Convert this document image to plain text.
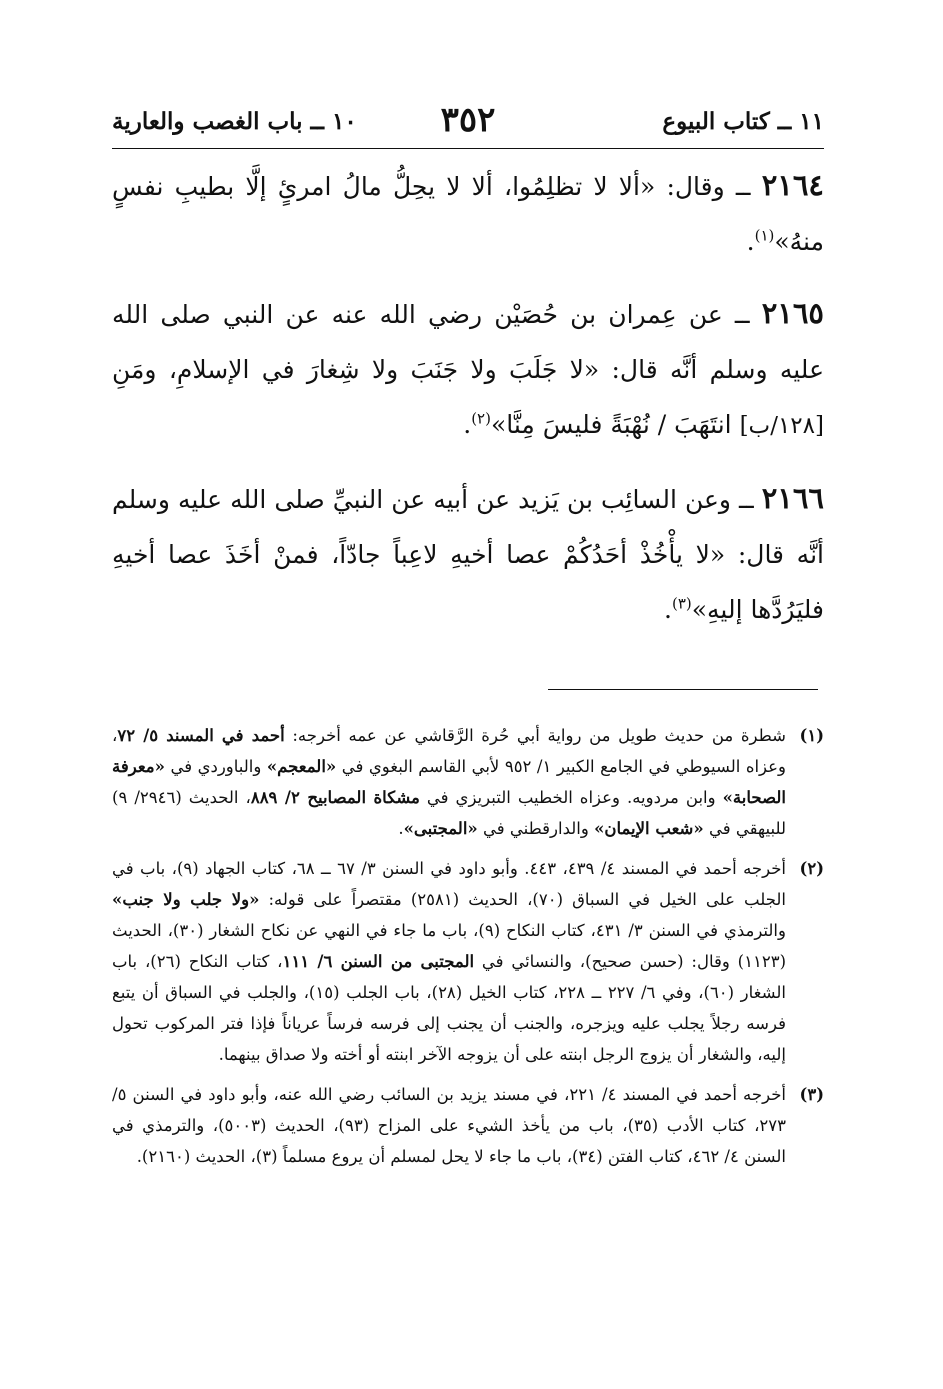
١١ ــ كتاب البيوع
٣٥٢
١٠ ــ باب الغصب والعارية

٢١٦٤ ــ وقال: «ألا لا تظلِمُوا، ألا لا يحِلُّ مالُ امرئٍ إلَّا بطيبِ نفسٍ منهُ»$^{(١)}$.

٢١٦٥ ــ عن عِمران بن حُصَيْن رضي الله عنه عن النبي صلى الله عليه وسلم أنَّه قال: «لا جَلَبَ ولا جَنَبَ ولا شِغارَ في الإسلامِ، ومَنِ [١٢٨/ب] انتَهَبَ / نُهْبَةً فليسَ مِنَّا»$^{(٢)}$.

٢١٦٦ ــ وعن السائِب بن يَزيد عن أبيه عن النبيِّ صلى الله عليه وسلم أنَّه قال: «لا يأْخُذْ أحَدُكُمْ عصا أخيهِ لاعِباً جادّاً، فمنْ أخَذَ عصا أخيهِ فليَرُدَّها إليهِ»$^{(٣)}$.

(١)
شطرة من حديث طويل من رواية أبي حُرة الرَّقاشي عن عمه أخرجه: أحمد في المسند ٥/ ٧٢، وعزاه السيوطي في الجامع الكبير ١/ ٩٥٢ لأبي القاسم البغوي في «المعجم» والباوردي في «معرفة الصحابة» وابن مردويه. وعزاه الخطيب التبريزي في مشكاة المصابيح ٢/ ٨٨٩، الحديث (٢٩٤٦/ ٩) للبيهقي في «شعب الإيمان» والدارقطني في «المجتبى».

(٢)
أخرجه أحمد في المسند ٤/ ٤٣٩، ٤٤٣. وأبو داود في السنن ٣/ ٦٧ ــ ٦٨، كتاب الجهاد (٩)، باب في الجلب على الخيل في السباق (٧٠)، الحديث (٢٥٨١) مقتصراً على قوله: «ولا جلب ولا جنب» والترمذي في السنن ٣/ ٤٣١، كتاب النكاح (٩)، باب ما جاء في النهي عن نكاح الشغار (٣٠)، الحديث (١١٢٣) وقال: (حسن صحيح)، والنسائي في المجتبى من السنن ٦/ ١١١، كتاب النكاح (٢٦)، باب الشغار (٦٠)، وفي ٦/ ٢٢٧ ــ ٢٢٨، كتاب الخيل (٢٨)، باب الجلب (١٥)، والجلب في السباق أن يتبع فرسه رجلاً يجلب عليه ويزجره، والجنب أن يجنب إلى فرسه فرساً عرياناً فإذا فتر المركوب تحول إليه، والشغار أن يزوج الرجل ابنته على أن يزوجه الآخر ابنته أو أخته ولا صداق بينهما.

(٣)
أخرجه أحمد في المسند ٤/ ٢٢١، في مسند يزيد بن السائب رضي الله عنه، وأبو داود في السنن ٥/ ٢٧٣، كتاب الأدب (٣٥)، باب من يأخذ الشيء على المزاح (٩٣)، الحديث (٥٠٠٣)، والترمذي في السنن ٤/ ٤٦٢، كتاب الفتن (٣٤)، باب ما جاء لا يحل لمسلم أن يروع مسلماً (٣)، الحديث (٢١٦٠).
